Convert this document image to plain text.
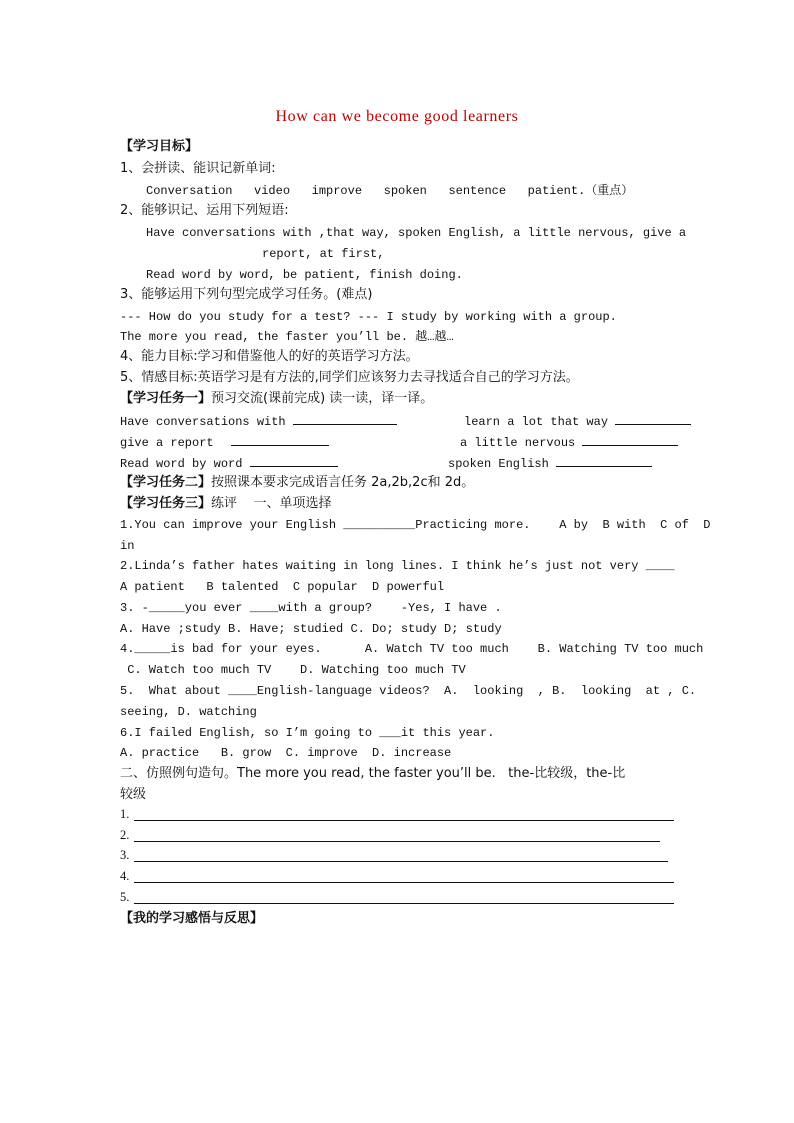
How can we become good learners
【学习目标】
1、会拼读、能识记新单词:
Conversation   video   improve   spoken   sentence   patient.（重点）
2、能够识记、运用下列短语:
Have conversations with ,that way, spoken English, a little nervous, give a
report, at first,
Read word by word, be patient, finish doing.
3、能够运用下列句型完成学习任务。(难点)
--- How do you study for a test? --- I study by working with a group.
The more you read, the faster you’ll be. 越…越…
4、能力目标:学习和借鉴他人的好的英语学习方法。
5、情感目标:英语学习是有方法的,同学们应该努力去寻找适合自己的学习方法。
【学习任务一】预习交流(课前完成) 读一读，译一译。
Have conversations with	learn a lot that way
give a report	a little nervous
Read word by word	spoken English
【学习任务二】按照课本要求完成语言任务 2a,2b,2c和 2d。
【学习任务三】练评    一、单项选择
1.You can improve your English __________Practicing more.    A by  B with  C of  D
in
2.Linda’s father hates waiting in long lines. I think he’s just not very ____
A patient   B talented  C popular  D powerful
3. -_____you ever ____with a group?    -Yes, I have .
A. Have ;study B. Have; studied C. Do; study D; study
4._____is bad for your eyes.      A. Watch TV too much    B. Watching TV too much
C. Watch too much TV    D. Watching too much TV
5.  What about ____English-language videos?  A.  looking  , B.  looking  at , C.
seeing, D. watching
6.I failed English, so I’m going to ___it this year.
A. practice   B. grow  C. improve  D. increase
二、仿照例句造句。The more you read, the faster you’ll be.   the-比较级，the-比
较级
1.
2.
3.
4.
5.
【我的学习感悟与反思】
